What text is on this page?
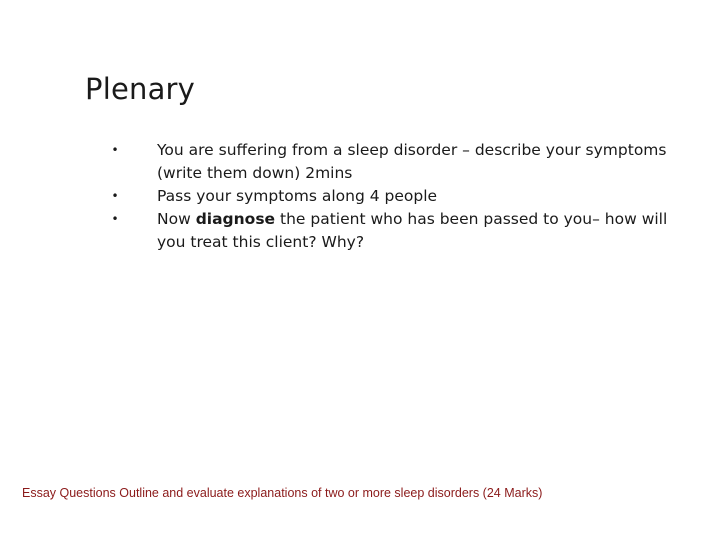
Plenary
• You are suffering from a sleep disorder – describe your symptoms (write them down) 2mins
• Pass your symptoms along 4 people
• Now diagnose the patient who has been passed to you– how will you treat this client? Why?
Essay Questions Outline and evaluate explanations of two or more sleep disorders (24 Marks)
